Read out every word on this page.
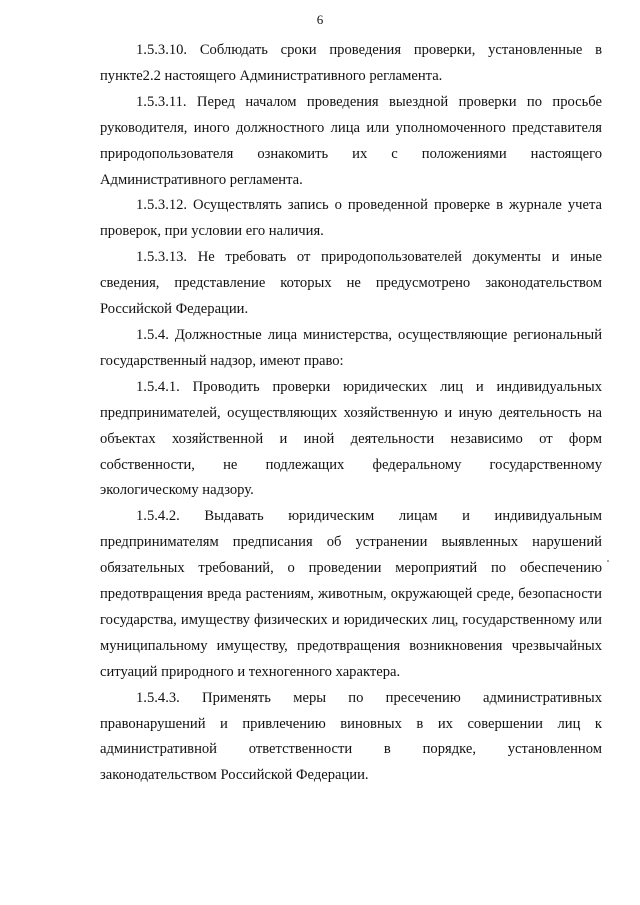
6

1.5.3.10. Соблюдать сроки проведения проверки, установленные в пункте2.2 настоящего Административного регламента.

1.5.3.11. Перед началом проведения выездной проверки по просьбе руководителя, иного должностного лица или уполномоченного представителя природопользователя ознакомить их с положениями настоящего Административного регламента.

1.5.3.12. Осуществлять запись о проведенной проверке в журнале учета проверок, при условии его наличия.

1.5.3.13. Не требовать от природопользователей документы и иные сведения, представление которых не предусмотрено законодательством Российской Федерации.

1.5.4. Должностные лица министерства, осуществляющие региональный государственный надзор, имеют право:

1.5.4.1. Проводить проверки юридических лиц и индивидуальных предпринимателей, осуществляющих хозяйственную и иную деятельность на объектах хозяйственной и иной деятельности независимо от форм собственности, не подлежащих федеральному государственному экологическому надзору.

1.5.4.2. Выдавать юридическим лицам и индивидуальным предпринимателям предписания об устранении выявленных нарушений обязательных требований, о проведении мероприятий по обеспечению предотвращения вреда растениям, животным, окружающей среде, безопасности государства, имуществу физических и юридических лиц, государственному или муниципальному имуществу, предотвращения возникновения чрезвычайных ситуаций природного и техногенного характера.

1.5.4.3. Применять меры по пресечению административных правонарушений и привлечению виновных в их совершении лиц к административной ответственности в порядке, установленном законодательством Российской Федерации.
